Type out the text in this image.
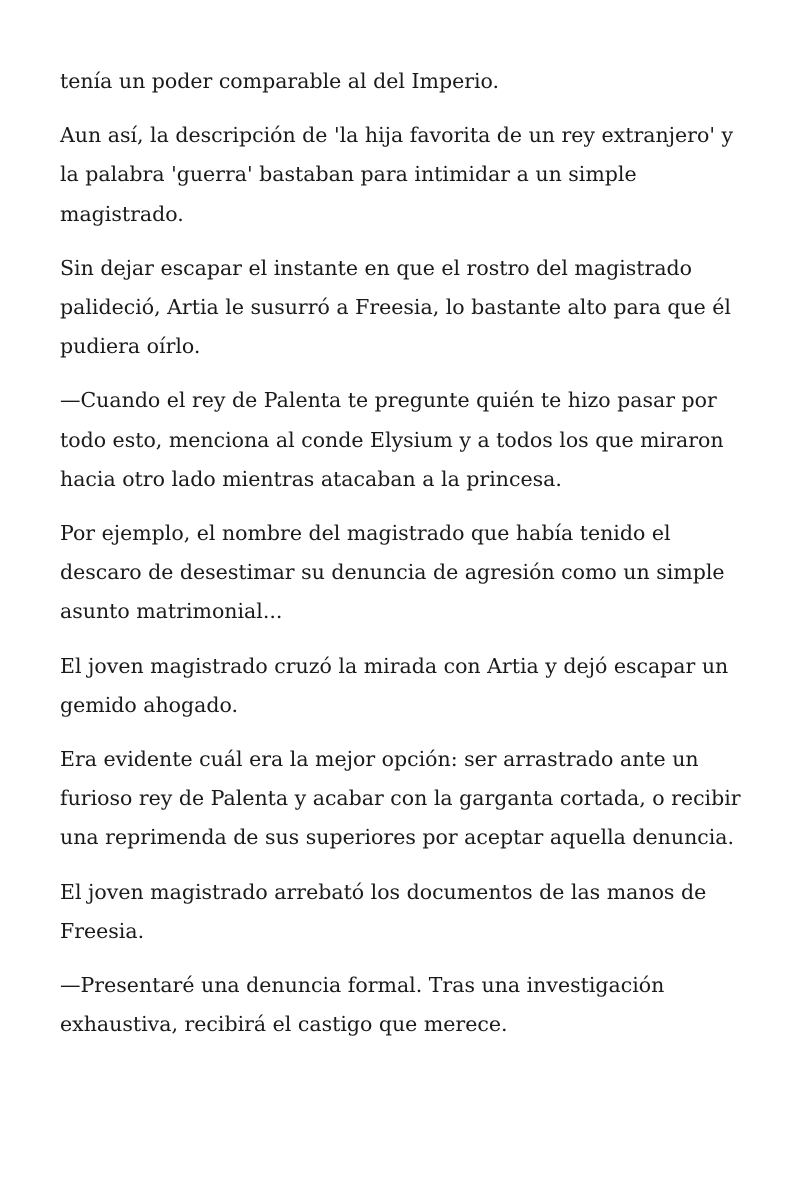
tenía un poder comparable al del Imperio.

Aun así, la descripción de 'la hija favorita de un rey extranjero' y la palabra 'guerra' bastaban para intimidar a un simple magistrado.

Sin dejar escapar el instante en que el rostro del magistrado palideció, Artia le susurró a Freesia, lo bastante alto para que él pudiera oírlo.

—Cuando el rey de Palenta te pregunte quién te hizo pasar por todo esto, menciona al conde Elysium y a todos los que miraron hacia otro lado mientras atacaban a la princesa.

Por ejemplo, el nombre del magistrado que había tenido el descaro de desestimar su denuncia de agresión como un simple asunto matrimonial...

El joven magistrado cruzó la mirada con Artia y dejó escapar un gemido ahogado.

Era evidente cuál era la mejor opción: ser arrastrado ante un furioso rey de Palenta y acabar con la garganta cortada, o recibir una reprimenda de sus superiores por aceptar aquella denuncia.

El joven magistrado arrebató los documentos de las manos de Freesia.

—Presentaré una denuncia formal. Tras una investigación exhaustiva, recibirá el castigo que merece.
